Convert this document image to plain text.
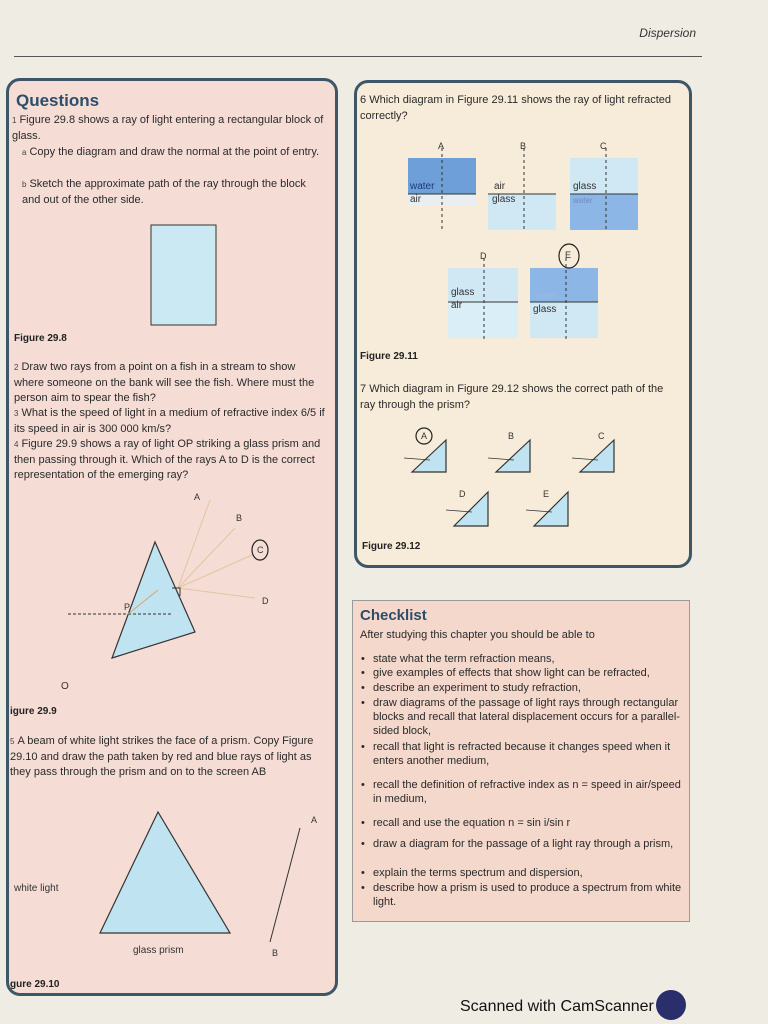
Dispersion
Questions
1 Figure 29.8 shows a ray of light entering a rectangular block of glass.
a Copy the diagram and draw the normal at the point of entry.
b Sketch the approximate path of the ray through the block and out of the other side.
Figure 29.8
2 Draw two rays from a point on a fish in a stream to show where someone on the bank will see the fish. Where must the person aim to spear the fish?
3 What is the speed of light in a medium of refractive index 6/5 if its speed in air is 300 000 km/s?
4 Figure 29.9 shows a ray of light OP striking a glass prism and then passing through it. Which of the rays A to D is the correct representation of the emerging ray?
A
B
C
D
P
O
igure 29.9
5 A beam of white light strikes the face of a prism. Copy Figure 29.10 and draw the path taken by red and blue rays of light as they pass through the prism and on to the screen AB
A
B
white light
glass prism
gure 29.10
6 Which diagram in Figure 29.11 shows the ray of light refracted correctly?
A
water
air
B
air
glass
C
glass
water
D
glass
air
E
water
glass
Figure 29.11
7 Which diagram in Figure 29.12 shows the correct path of the ray through the prism?
A	B	C
D	E
Figure 29.12
Checklist
After studying this chapter you should be able to
• state what the term refraction means,
• give examples of effects that show light can be refracted,
• describe an experiment to study refraction,
• draw diagrams of the passage of light rays through rectangular blocks and recall that lateral displacement occurs for a parallel-sided block,
• recall that light is refracted because it changes speed when it enters another medium,
• recall the definition of refractive index as n = speed in air/speed in medium,
• recall and use the equation n = sin i/sin r
• draw a diagram for the passage of a light ray through a prism,
• explain the terms spectrum and dispersion,
• describe how a prism is used to produce a spectrum from white light.
Scanned with CamScanner
